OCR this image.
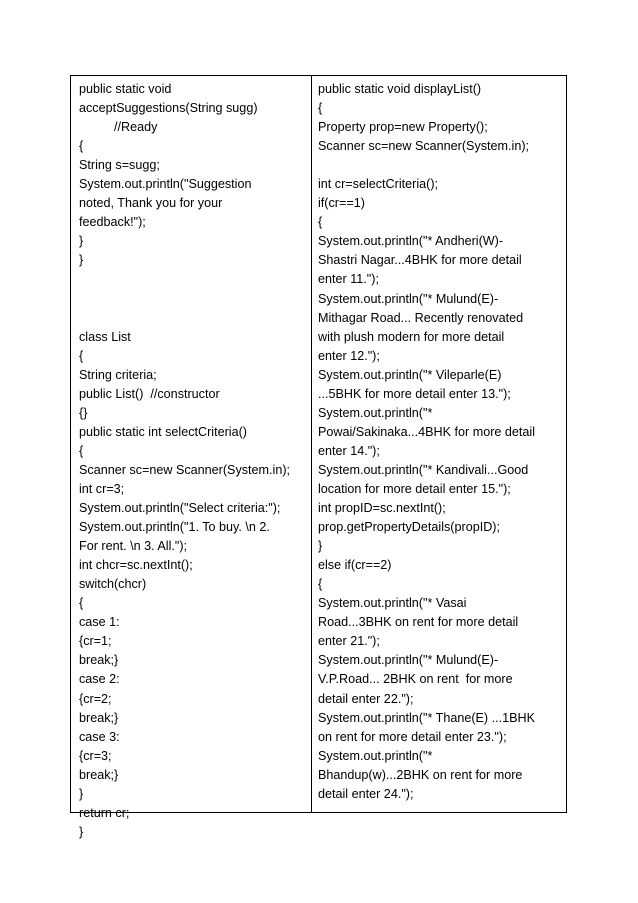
public static void
acceptSuggestions(String sugg)
//Ready
{
String s=sugg;
System.out.println("Suggestion
noted, Thank you for your
feedback!");
}
}
class List
{
String criteria;
public List()  //constructor
{}
public static int selectCriteria()
{
Scanner sc=new Scanner(System.in);
int cr=3;
System.out.println("Select criteria:");
System.out.println("1. To buy. \n 2.
For rent. \n 3. All.");
int chcr=sc.nextInt();
switch(chcr)
{
case 1:
{cr=1;
break;}
case 2:
{cr=2;
break;}
case 3:
{cr=3;
break;}
}
return cr;
}
public static void displayList()
{
Property prop=new Property();
Scanner sc=new Scanner(System.in);
int cr=selectCriteria();
if(cr==1)
{
System.out.println("* Andheri(W)-
Shastri Nagar...4BHK for more detail
enter 11.");
System.out.println("* Mulund(E)-
Mithagar Road... Recently renovated
with plush modern for more detail
enter 12.");
System.out.println("* Vileparle(E)
...5BHK for more detail enter 13.");
System.out.println("*
Powai/Sakinaka...4BHK for more detail
enter 14.");
System.out.println("* Kandivali...Good
location for more detail enter 15.");
int propID=sc.nextInt();
prop.getPropertyDetails(propID);
}
else if(cr==2)
{
System.out.println("* Vasai
Road...3BHK on rent for more detail
enter 21.");
System.out.println("* Mulund(E)-
V.P.Road... 2BHK on rent  for more
detail enter 22.");
System.out.println("* Thane(E) ...1BHK
on rent for more detail enter 23.");
System.out.println("*
Bhandup(w)...2BHK on rent for more
detail enter 24.");
